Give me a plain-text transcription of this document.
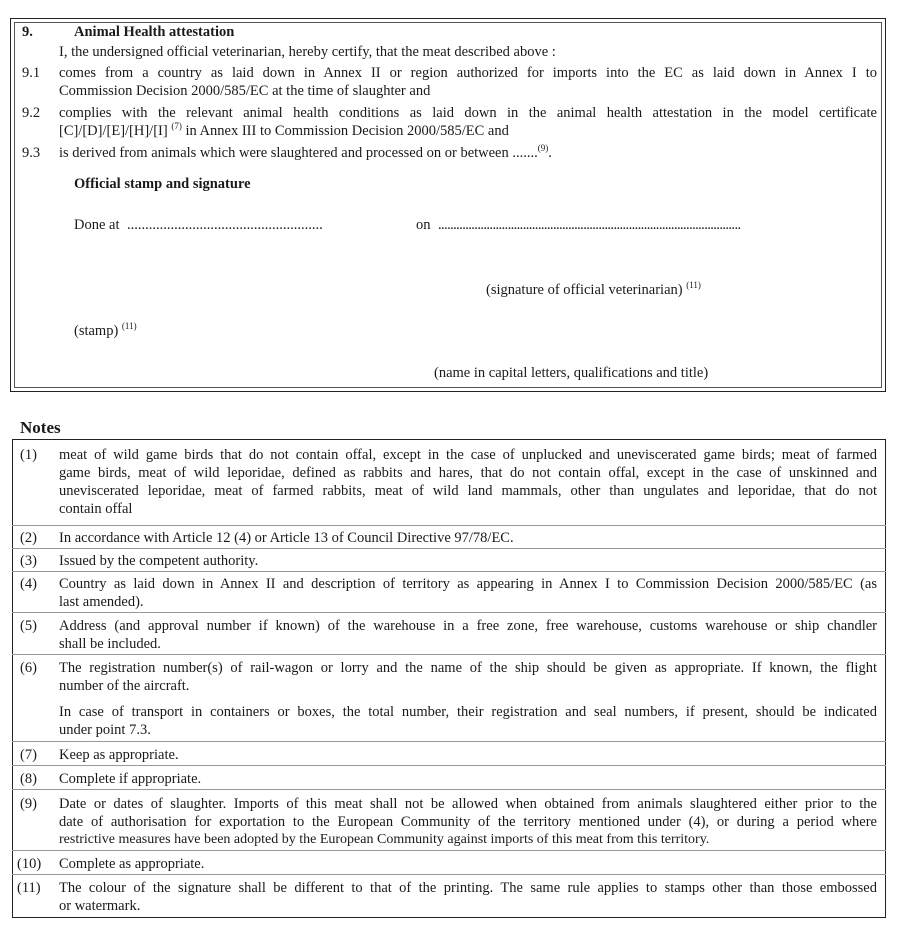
9.	Animal Health attestation
I, the undersigned official veterinarian, hereby certify, that the meat described above :
9.1 comes from a country as laid down in Annex II or region authorized for imports into the EC as laid down in Annex I to
Commission Decision 2000/585/EC at the time of slaughter and
9.2 complies with the relevant animal health conditions as laid down in the animal health attestation in the model certificate
[C]/[D]/[E]/[H]/[I] $^{(7)}$ in Annex III to Commission Decision 2000/585/EC and
9.3 is derived from animals which were slaughtered and processed on or between .......$^{(9)}$.
Official stamp and signature
Done at ......................................................	on ....................................................................................................
(signature of official veterinarian) $^{(11)}$
(stamp) $^{(11)}$
(name in capital letters, qualifications and title)
Notes
(1) meat of wild game birds that do not contain offal, except in the case of unplucked and uneviscerated game birds; meat of farmed
game birds, meat of wild leporidae, defined as rabbits and hares, that do not contain offal, except in the case of unskinned and
uneviscerated leporidae, meat of farmed rabbits, meat of wild land mammals, other than ungulates and leporidae, that do not
contain offal
(2) In accordance with Article 12 (4) or Article 13 of Council Directive 97/78/EC.
(3) Issued by the competent authority.
(4) Country as laid down in Annex II and description of territory as appearing in Annex I to Commission Decision 2000/585/EC (as
last amended).
(5) Address (and approval number if known) of the warehouse in a free zone, free warehouse, customs warehouse or ship chandler
shall be included.
(6) The registration number(s) of rail-wagon or lorry and the name of the ship should be given as appropriate. If known, the flight
number of the aircraft.
In case of transport in containers or boxes, the total number, their registration and seal numbers, if present, should be indicated
under point 7.3.
(7) Keep as appropriate.
(8) Complete if appropriate.
(9) Date or dates of slaughter. Imports of this meat shall not be allowed when obtained from animals slaughtered either prior to the
date of authorisation for exportation to the European Community of the territory mentioned under (4), or during a period where
restrictive measures have been adopted by the European Community against imports of this meat from this territory.
(10) Complete as appropriate.
(11) The colour of the signature shall be different to that of the printing. The same rule applies to stamps other than those embossed
or watermark.
